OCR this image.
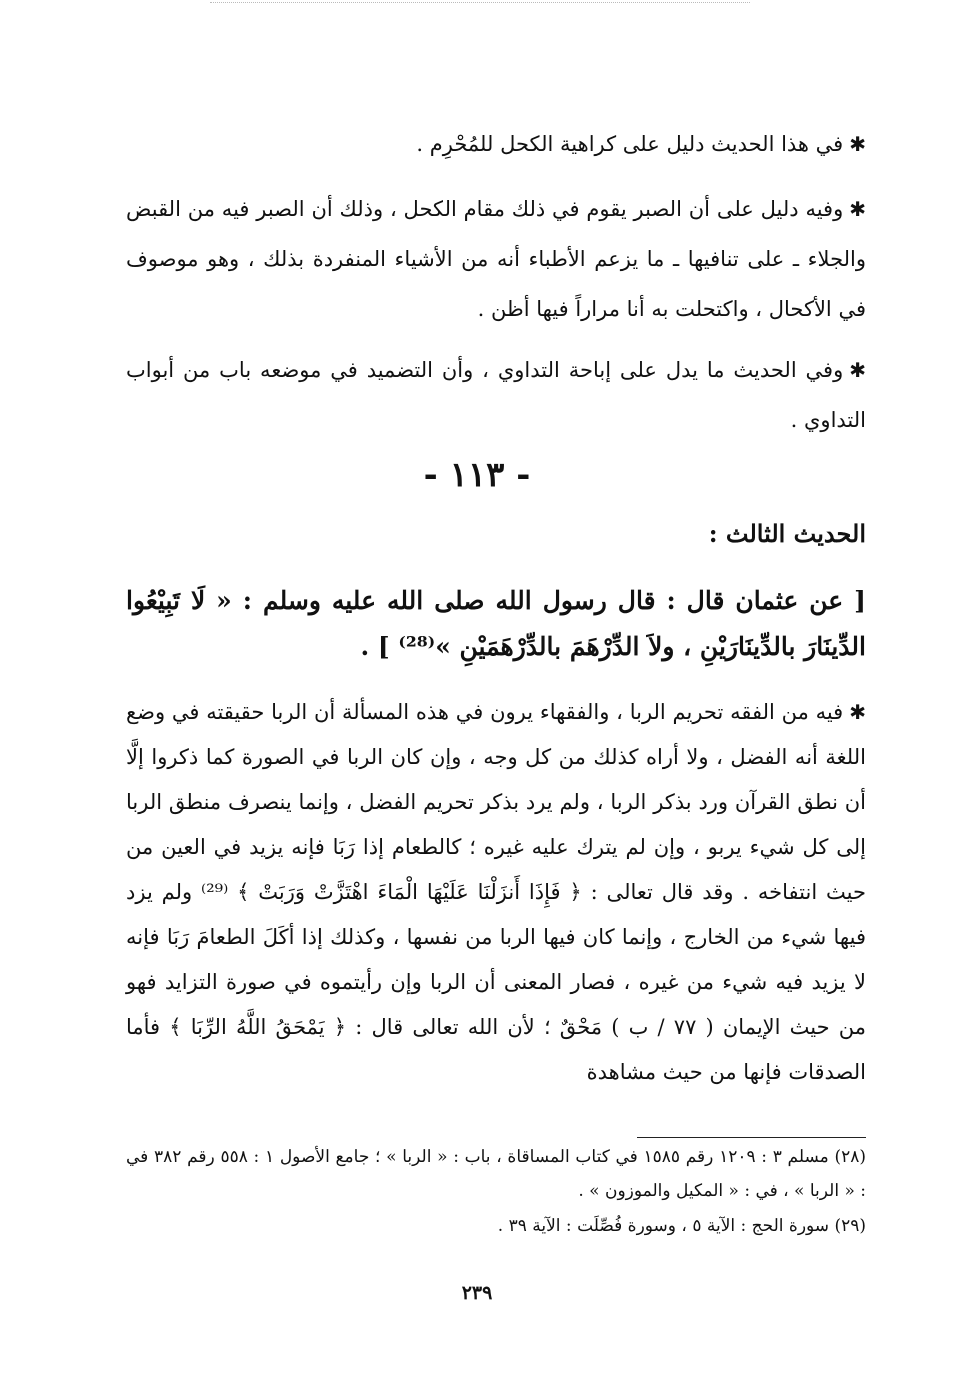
✱في هذا الحديث دليل على كراهية الكحل للمُحْرِم .
✱وفيه دليل على أن الصبر يقوم في ذلك مقام الكحل ، وذلك أن الصبر فيه من القبض والجلاء ـ على تنافيها ـ ما يزعم الأطباء أنه من الأشياء المنفردة بذلك ، وهو موصوف في الأكحال ، واكتحلت به أنا مراراً فيها أظن .
✱وفي الحديث ما يدل على إباحة التداوي ، وأن التضميد في موضعه باب من أبواب التداوي .
- ١١٣ -
الحديث الثالث :
[ عن عثمان قال : قال رسول الله صلى الله عليه وسلم : « لَا تَبِيْعُوا الدِّينَارَ بالدِّينَارَيْنِ ، ولاَ الدِّرْهَمَ بالدِّرْهَمَيْنِ »⁽²⁸⁾ ] .
✱فيه من الفقه تحريم الربا ، والفقهاء يرون في هذه المسألة أن الربا حقيقته في وضع اللغة أنه الفضل ، ولا أراه كذلك من كل وجه ، وإن كان الربا في الصورة كما ذكروا إلَّا أن نطق القرآن ورد بذكر الربا ، ولم يرد بذكر تحريم الفضل ، وإنما ينصرف منطق الربا إلى كل شيء يربو ، وإن لم يترك عليه غيره ؛ كالطعام إذا رَبَا فإنه يزيد في العين من حيث انتفاخه . وقد قال تعالى : ﴿ فَإِذَا أَنزَلْنَا عَلَيْهَا الْمَاءَ اهْتَزَّتْ وَرَبَتْ ﴾ ⁽²⁹⁾ ولم يزد فيها شيء من الخارج ، وإنما كان فيها الربا من نفسها ، وكذلك إذا أكَلَ الطعامَ رَبَا فإنه لا يزيد فيه شيء من غيره ، فصار المعنى أن الربا وإن رأيتموه في صورة التزايد فهو من حيث الإيمان ( ٧٧ / ب ) مَحْقٌ ؛ لأن الله تعالى قال : ﴿ يَمْحَقُ اللَّهُ الرِّبَا ﴾ فأما الصدقات فإنها من حيث مشاهدة
(٢٨) مسلم ٣ : ١٢٠٩ رقم ١٥٨٥ في كتاب المساقاة ، باب : « الربا » ؛ جامع الأصول ١ : ٥٥٨ رقم ٣٨٢ في : « الربا » ، في : « المكيل والموزون » .
(٢٩) سورة الحج : الآية ٥ ، وسورة فُصِّلَت : الآية ٣٩ .
٢٣٩
